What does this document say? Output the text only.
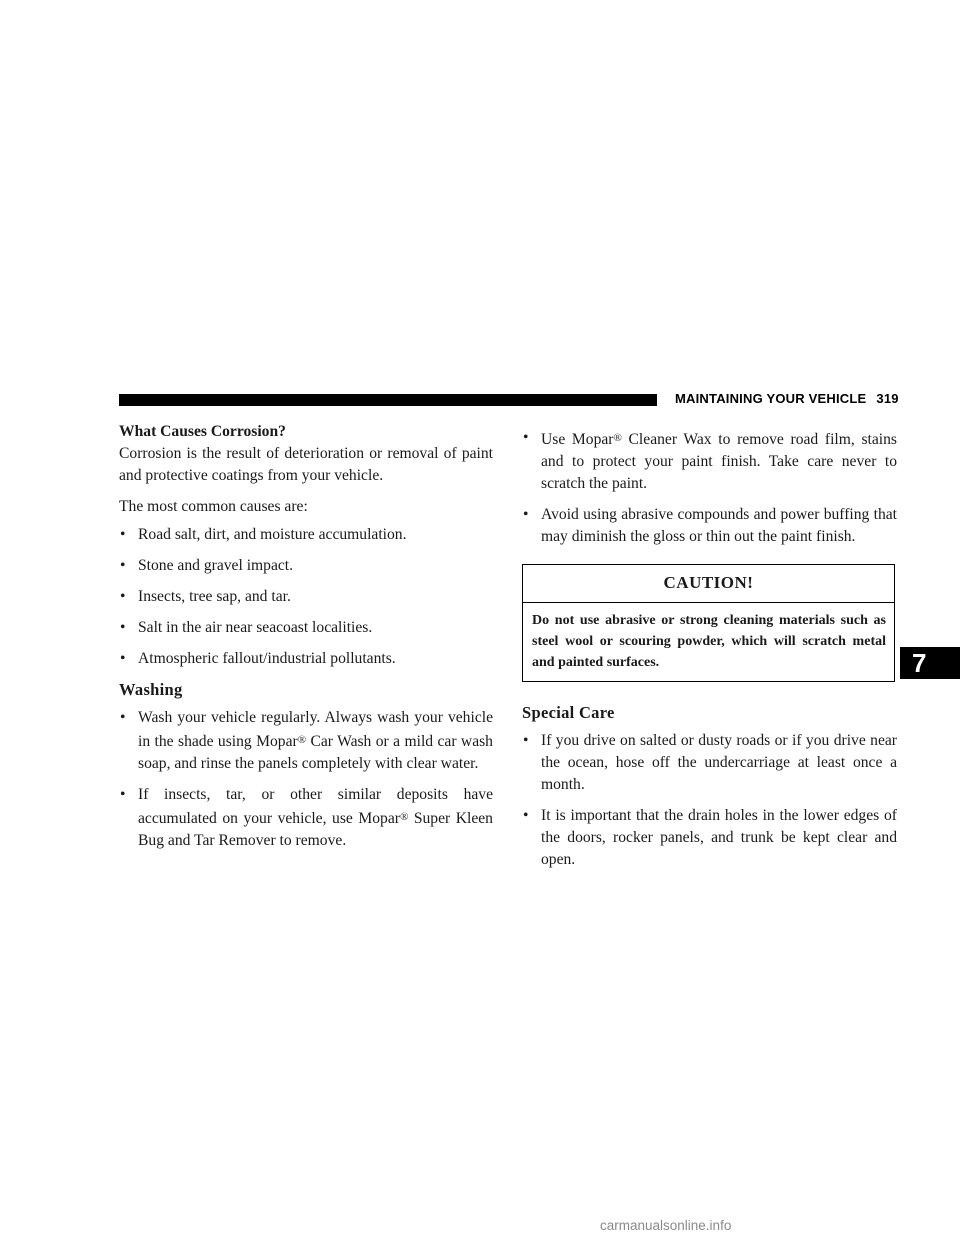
MAINTAINING YOUR VEHICLE 319

What Causes Corrosion?

Corrosion is the result of deterioration or removal of paint and protective coatings from your vehicle.

The most common causes are:

• Road salt, dirt, and moisture accumulation.
• Stone and gravel impact.
• Insects, tree sap, and tar.
• Salt in the air near seacoast localities.
• Atmospheric fallout/industrial pollutants.

Washing

• Wash your vehicle regularly. Always wash your vehicle in the shade using Mopar® Car Wash or a mild car wash soap, and rinse the panels completely with clear water.
• If insects, tar, or other similar deposits have accumulated on your vehicle, use Mopar® Super Kleen Bug and Tar Remover to remove.
• Use Mopar® Cleaner Wax to remove road film, stains and to protect your paint finish. Take care never to scratch the paint.
• Avoid using abrasive compounds and power buffing that may diminish the gloss or thin out the paint finish.
CAUTION!
Do not use abrasive or strong cleaning materials such as steel wool or scouring powder, which will scratch metal and painted surfaces.

Special Care

• If you drive on salted or dusty roads or if you drive near the ocean, hose off the undercarriage at least once a month.
• It is important that the drain holes in the lower edges of the doors, rocker panels, and trunk be kept clear and open.
7
carmanualsonline.info
